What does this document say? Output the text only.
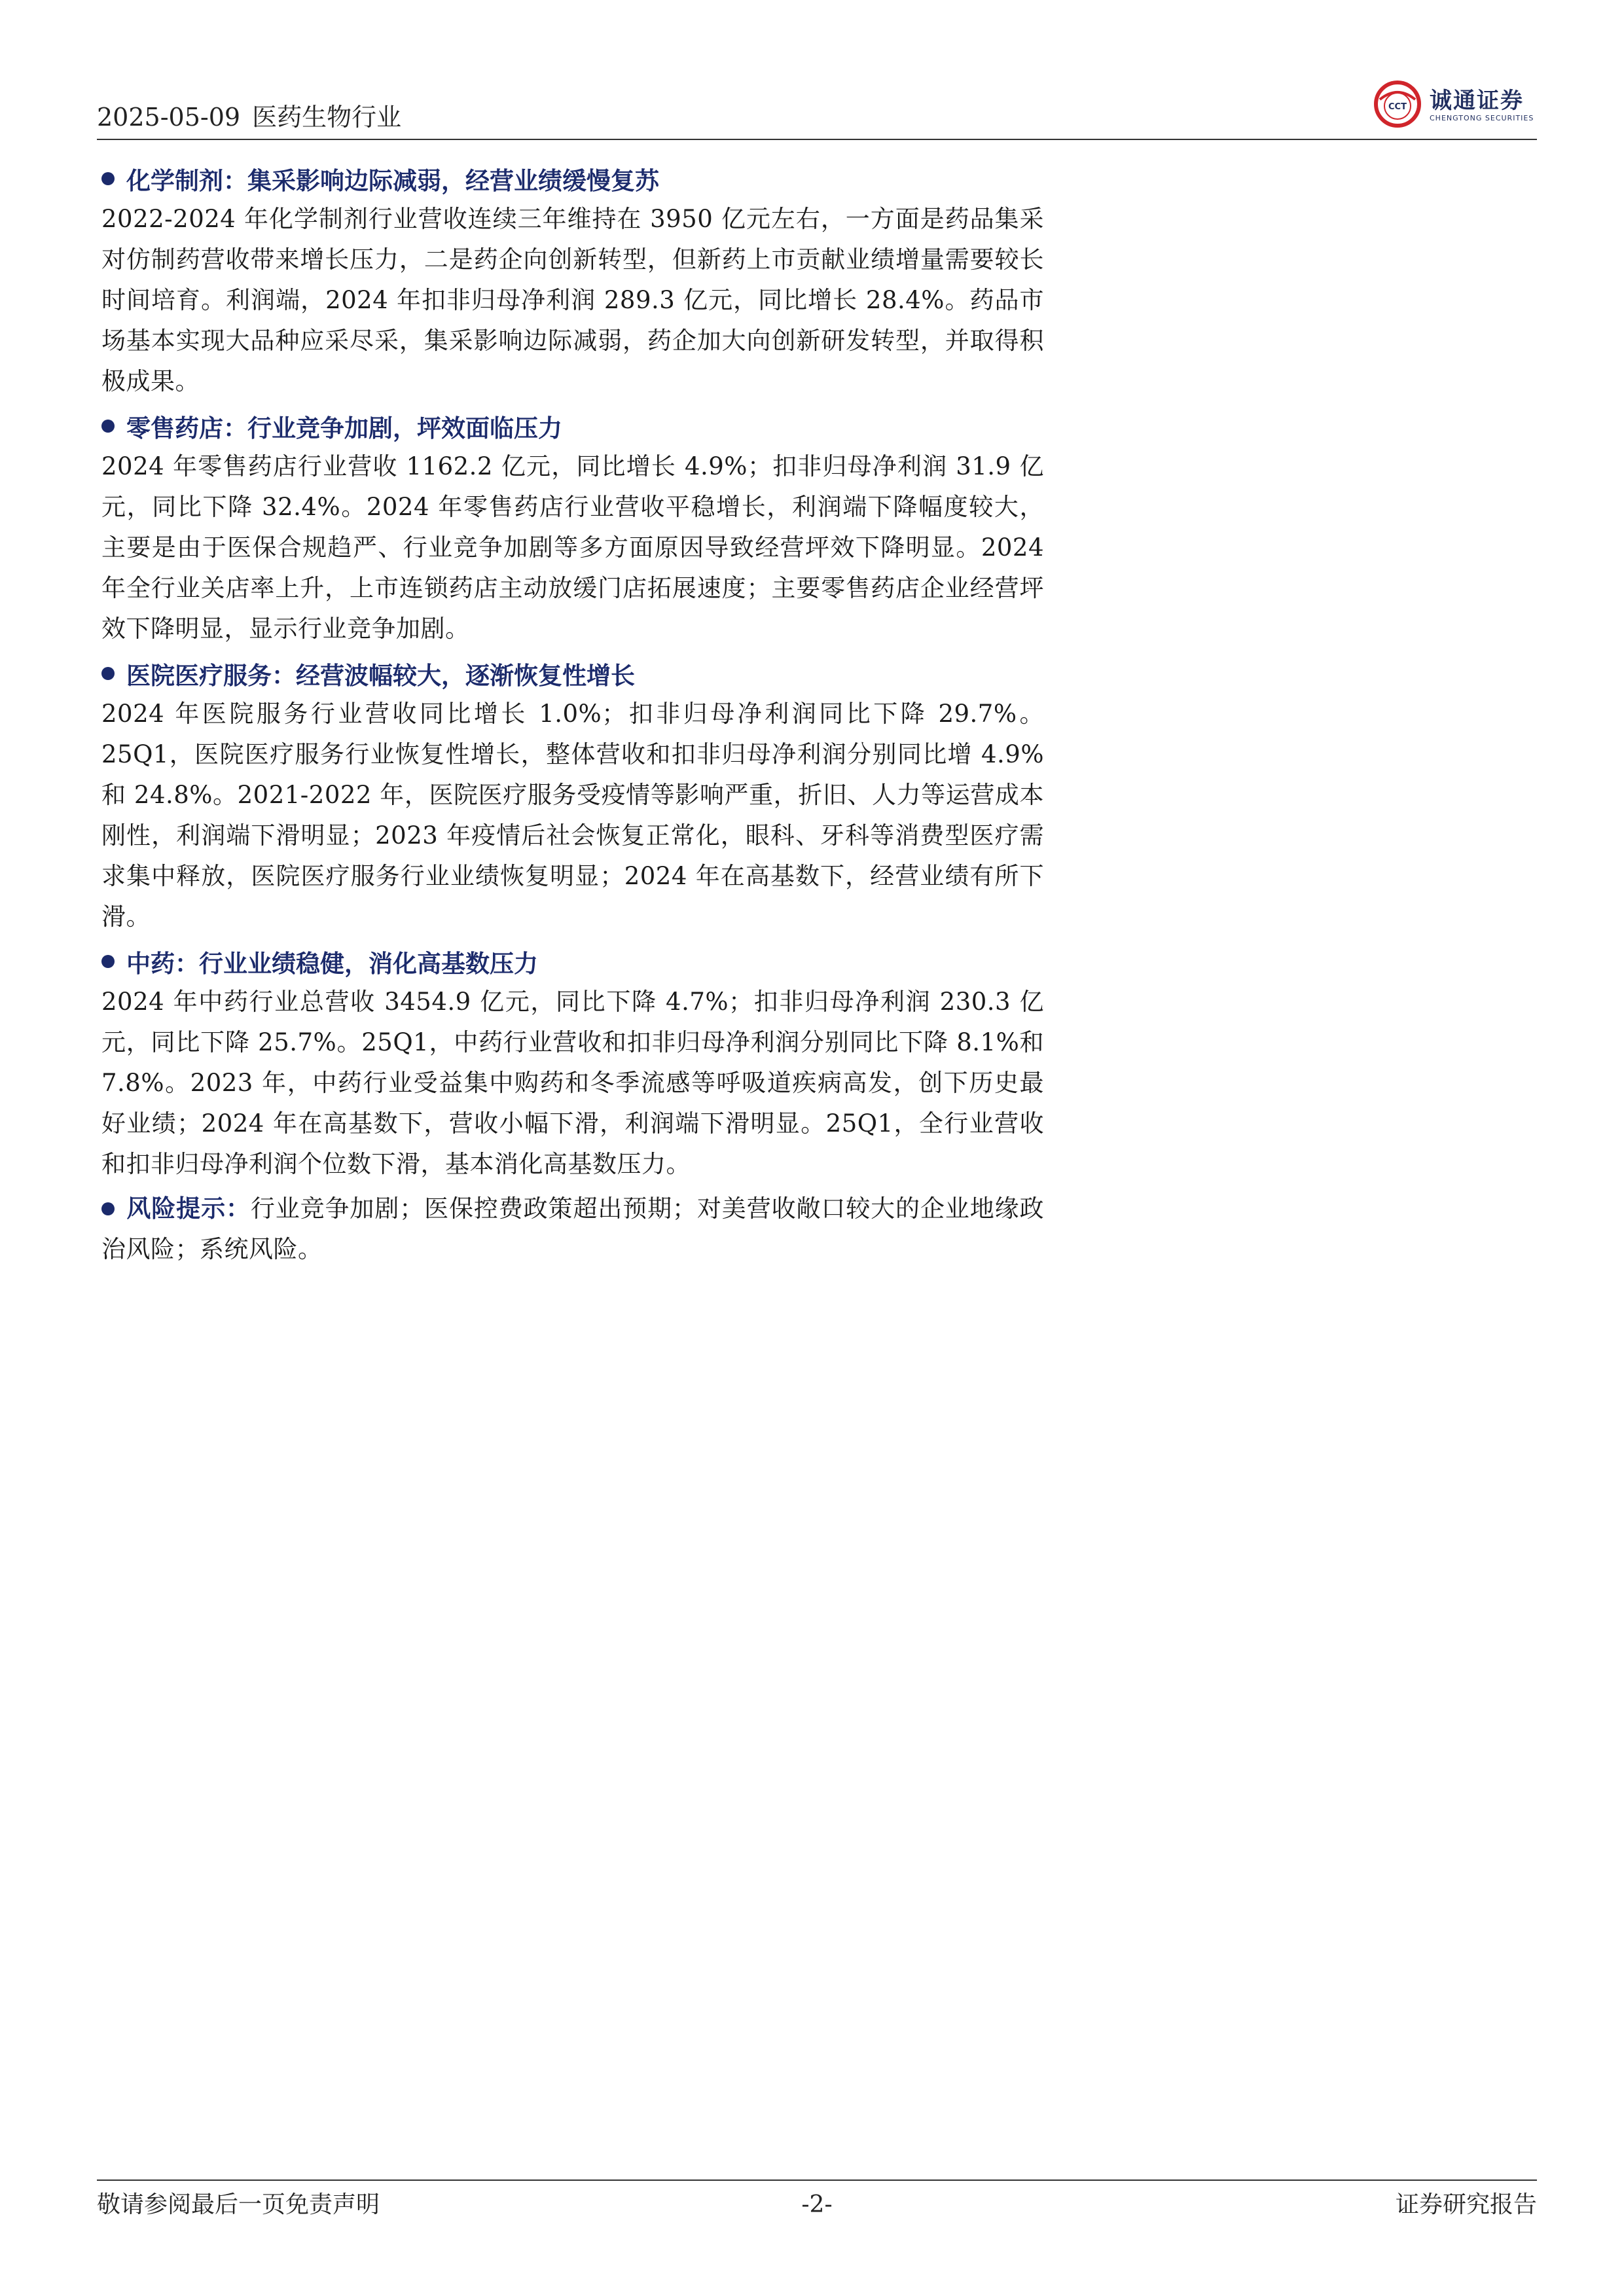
2025-05-09 医药生物行业	CCT 诚通证券
CHENGTONG SECURITIES
化学制剂：集采影响边际减弱，经营业绩缓慢复苏

2022-2024 年化学制剂行业营收连续三年维持在 3950 亿元左右，一方面是药品集采对仿制药营收带来增长压力，二是药企向创新转型，但新药上市贡献业绩增量需要较长时间培育。利润端，2024 年扣非归母净利润 289.3 亿元，同比增长 28.4%。药品市场基本实现大品种应采尽采，集采影响边际减弱，药企加大向创新研发转型，并取得积极成果。

零售药店：行业竞争加剧，坪效面临压力

2024 年零售药店行业营收 1162.2 亿元，同比增长 4.9%；扣非归母净利润 31.9 亿元，同比下降 32.4%。2024 年零售药店行业营收平稳增长，利润端下降幅度较大，主要是由于医保合规趋严、行业竞争加剧等多方面原因导致经营坪效下降明显。2024 年全行业关店率上升，上市连锁药店主动放缓门店拓展速度；主要零售药店企业经营坪效下降明显，显示行业竞争加剧。

医院医疗服务：经营波幅较大，逐渐恢复性增长

2024 年医院服务行业营收同比增长 1.0%；扣非归母净利润同比下降 29.7%。25Q1，医院医疗服务行业恢复性增长，整体营收和扣非归母净利润分别同比增 4.9%和 24.8%。2021-2022 年，医院医疗服务受疫情等影响严重，折旧、人力等运营成本刚性，利润端下滑明显；2023 年疫情后社会恢复正常化，眼科、牙科等消费型医疗需求集中释放，医院医疗服务行业业绩恢复明显；2024 年在高基数下，经营业绩有所下滑。

中药：行业业绩稳健，消化高基数压力

2024 年中药行业总营收 3454.9 亿元，同比下降 4.7%；扣非归母净利润 230.3 亿元，同比下降 25.7%。25Q1，中药行业营收和扣非归母净利润分别同比下降 8.1%和 7.8%。2023 年，中药行业受益集中购药和冬季流感等呼吸道疾病高发，创下历史最好业绩；2024 年在高基数下，营收小幅下滑，利润端下滑明显。25Q1，全行业营收和扣非归母净利润个位数下滑，基本消化高基数压力。

风险提示：行业竞争加剧；医保控费政策超出预期；对美营收敞口较大的企业地缘政治风险；系统风险。
敬请参阅最后一页免责声明	-2-	证券研究报告
